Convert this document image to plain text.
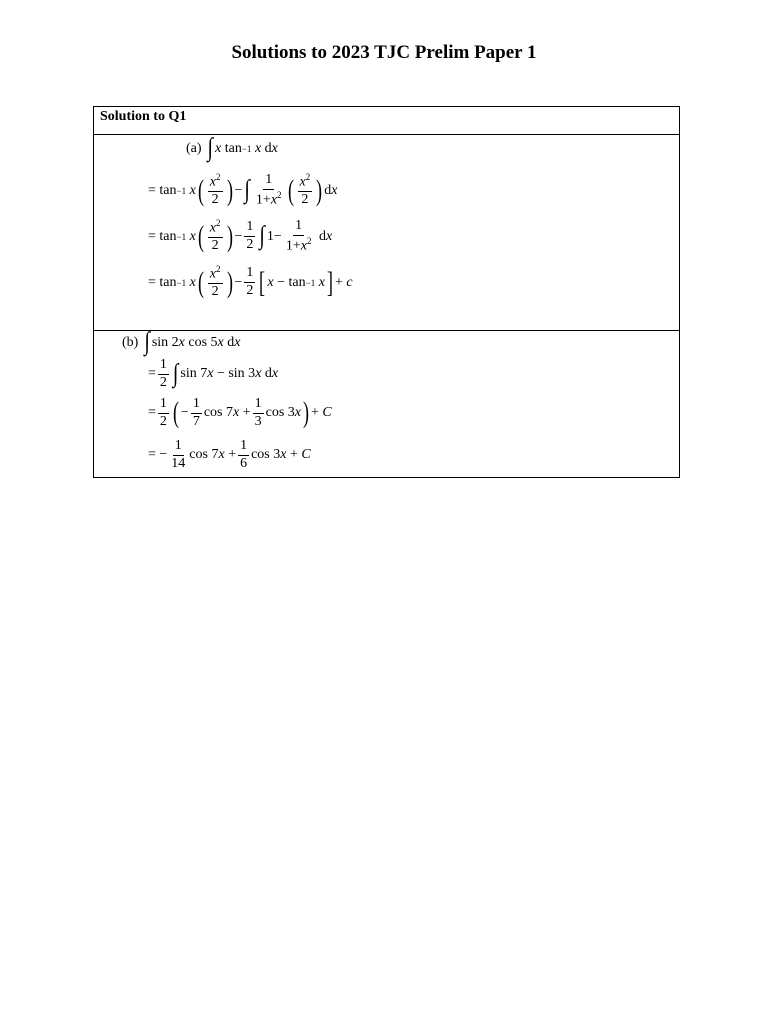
Solutions to 2023 TJC Prelim Paper 1
Solution to Q1
(a) ∫ x tan −1
x d x
= tan −1
x ( $\frac{x^2}{2}$ ) − ∫ $\frac{1}{1+x^2}$ ( $\frac{x^2}{2}$ ) d x
= tan −1
x ( $\frac{x^2}{2}$ ) − $\frac{1}{2}$ ∫ $1- \frac{1}{1+x^2}$ d x
= tan −1
x ( $\frac{x^2}{2}$ ) − $\frac{1}{2}$ [ x − tan −1
x ] + c
(b) ∫ sin 2 x cos 5 x d x
= $\frac{1}{2}$ ∫ sin 7 x − sin 3 x d x
= $\frac{1}{2}$ ( − $\frac{1}{7}$ cos 7 $x + \frac{1}{3}$ cos 3 x ) + C
= − $\frac{1}{14}$ cos 7 $x + \frac{1}{6}$ cos 3 x + C
∫ x tan⁻¹ x dx = tan⁻¹ x (x²/2) − ∫ 1/(1+x²) (x²/2) dx = tan⁻¹ x (x²/2) − 1/2 ∫ 1 − 1/(1+x²) dx = tan⁻¹ x (x²/2) − 1/2 [x − tan⁻¹ x] + c ∫ sin 2x cos 5x dx = 1/2 ∫ sin 7x − sin 3x dx = 1/2 ( −1/7 cos 7x + 1/3 cos 3x ) + C = −1/14 cos 7x + 1/6 cos 3x + C
